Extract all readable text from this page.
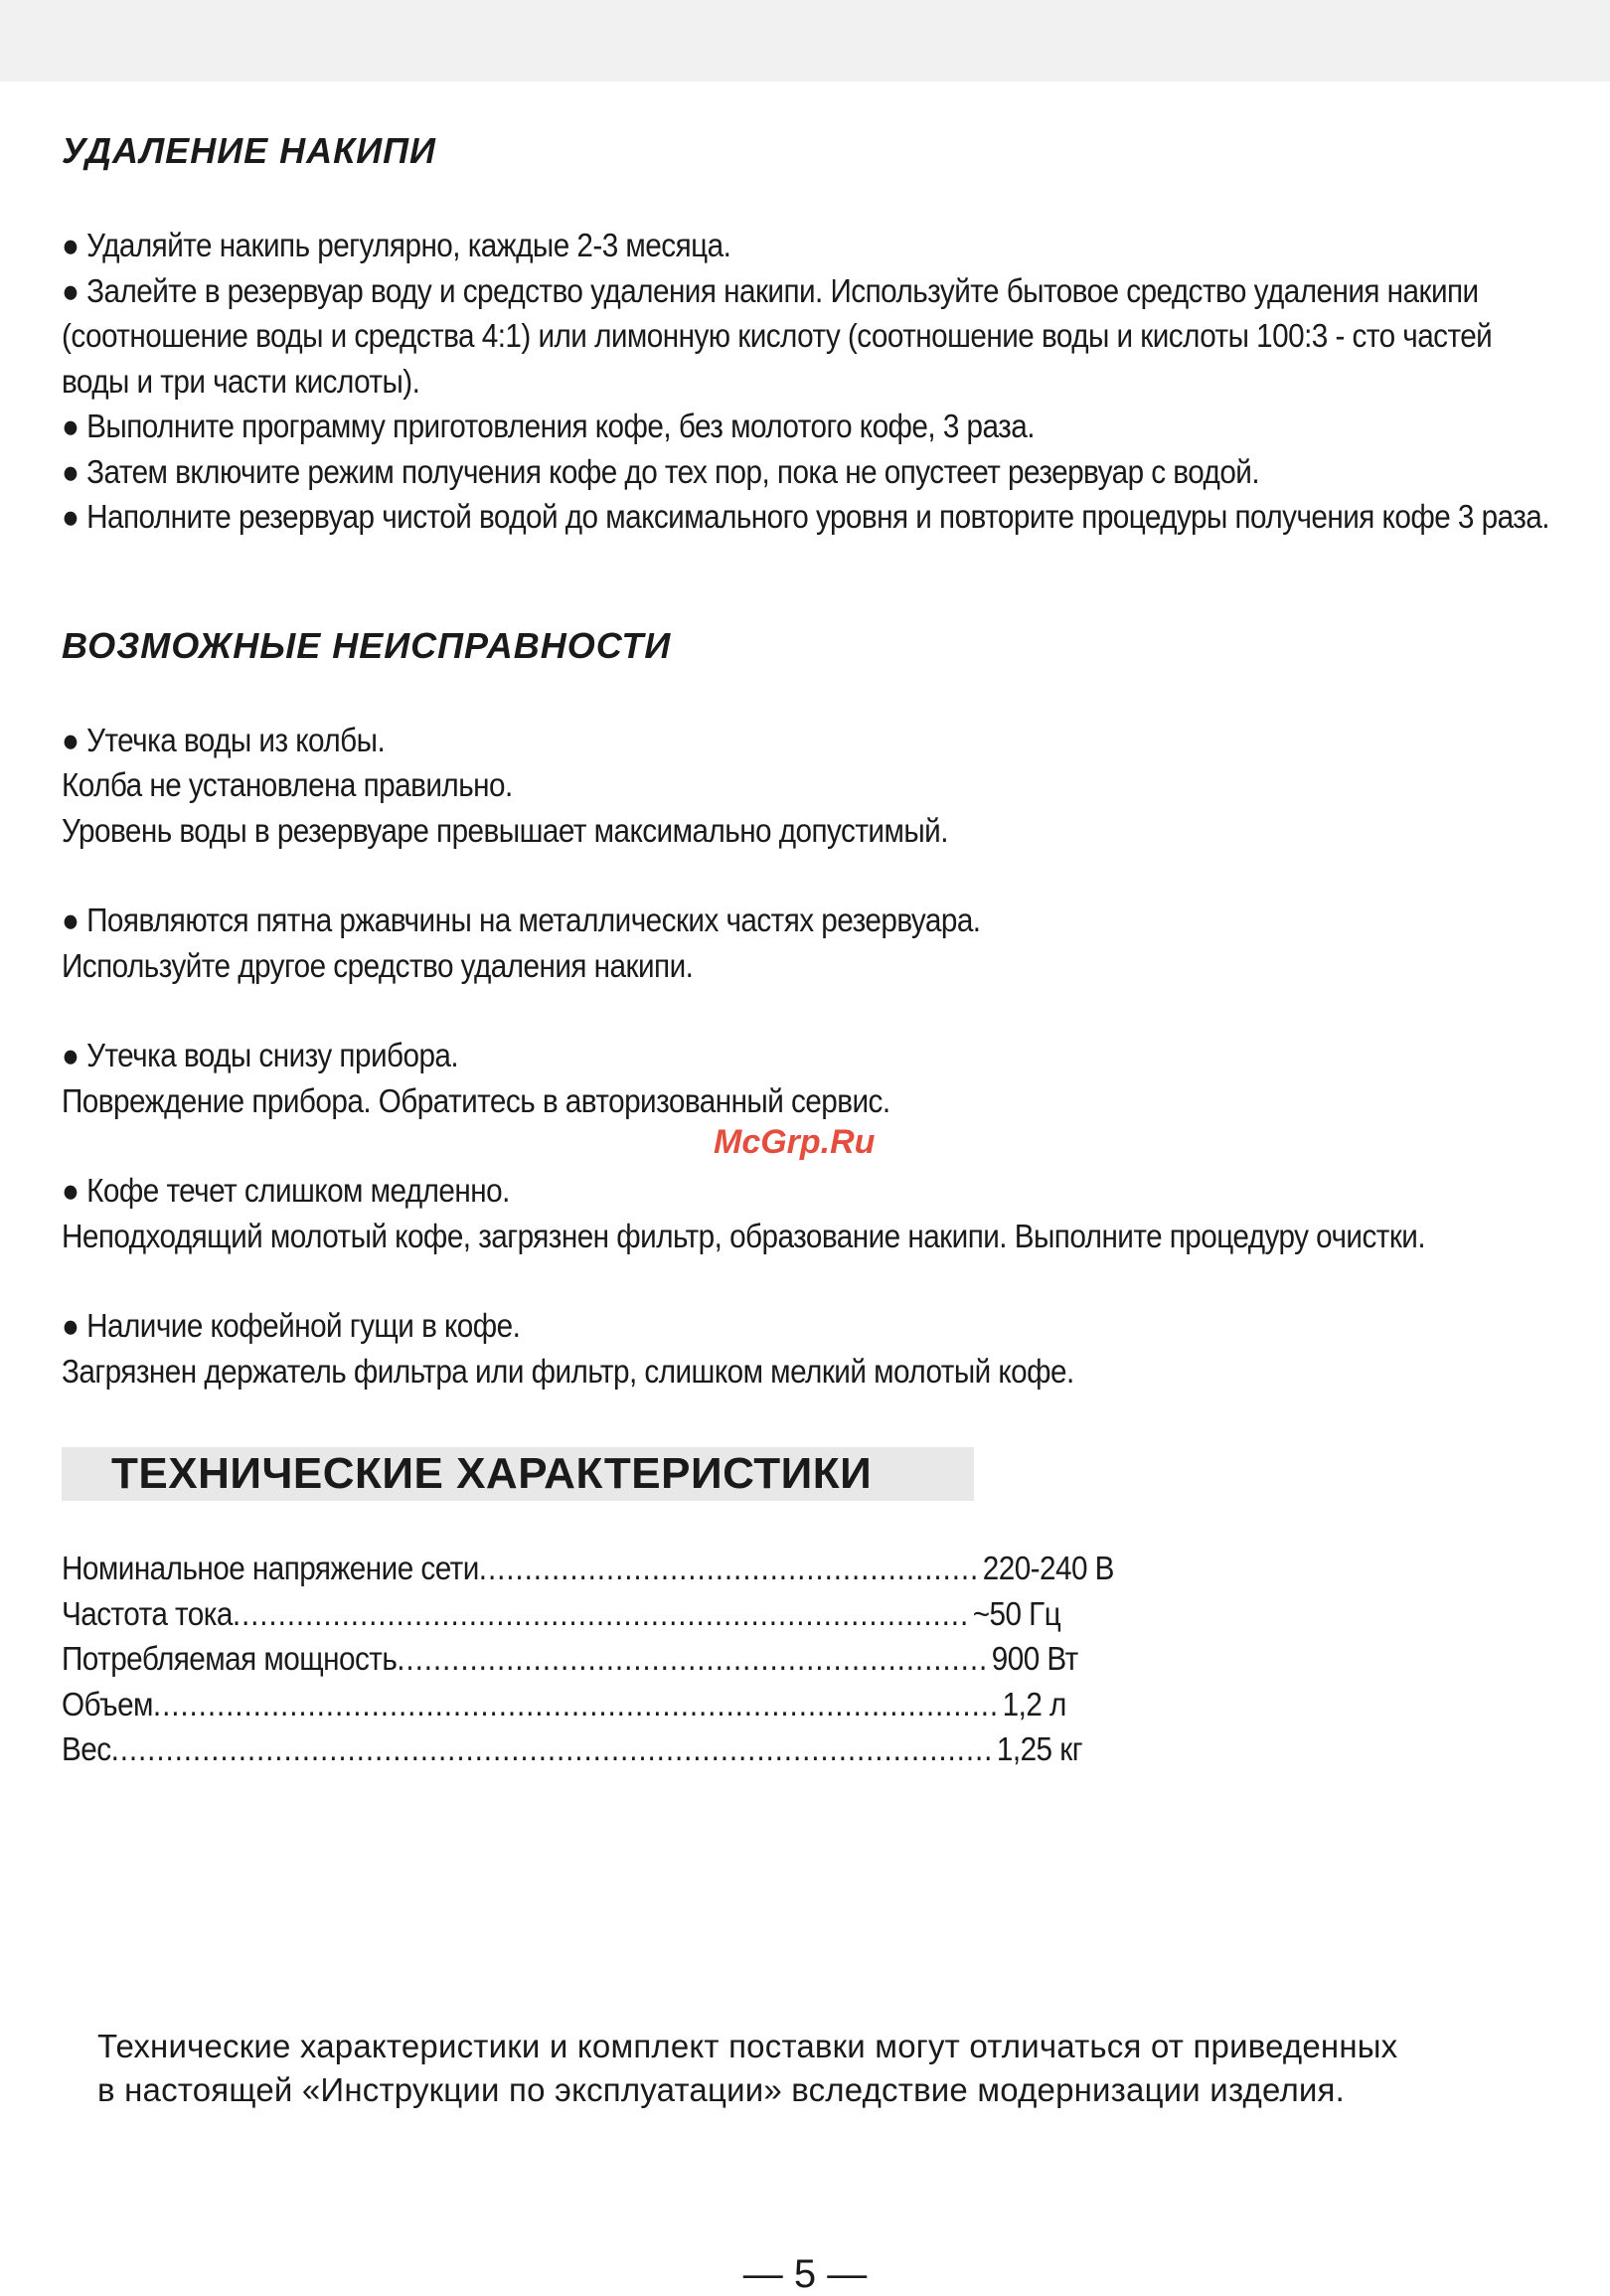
УДАЛЕНИЕ НАКИПИ

● Удаляйте накипь регулярно, каждые 2-3 месяца.

● Залейте в резервуар воду и средство удаления накипи. Используйте бытовое средство удаления накипи (соотношение воды и средства 4:1) или лимонную кислоту (соотношение воды и кислоты 100:3 - сто частей воды и три части кислоты).

● Выполните программу приготовления кофе, без молотого кофе, 3 раза.

● Затем включите режим получения кофе до тех пор, пока не опустеет резервуар с водой.

● Наполните резервуар чистой водой до максимального уровня и повторите процедуры получения кофе 3 раза.

ВОЗМОЖНЫЕ НЕИСПРАВНОСТИ

● Утечка воды из колбы.

Колба не установлена правильно.

Уровень воды в резервуаре превышает максимально допустимый.

● Появляются пятна ржавчины на металлических частях резервуара.

Используйте другое средство удаления накипи.

● Утечка воды снизу прибора.

Повреждение прибора. Обратитесь в авторизованный сервис.

● Кофе течет слишком медленно.

Неподходящий молотый кофе, загрязнен фильтр, образование накипи. Выполните процедуру очистки.

● Наличие кофейной гущи в кофе.

Загрязнен держатель фильтра или фильтр, слишком мелкий молотый кофе.

ТЕХНИЧЕСКИЕ ХАРАКТЕРИСТИКИ
Номинальное напряжение сети ....................................................... 220-240 В
Частота тока ................................................................................. ~50 Гц
Потребляемая мощность ................................................................. 900 Вт
Объем ............................................................................................. 1,2 л
Вес ................................................................................................. 1,25 кг
Технические характеристики и комплект поставки могут отличаться от приведенных
в настоящей «Инструкции по эксплуатации» вследствие модернизации изделия.
McGrp.Ru
— 5 —
